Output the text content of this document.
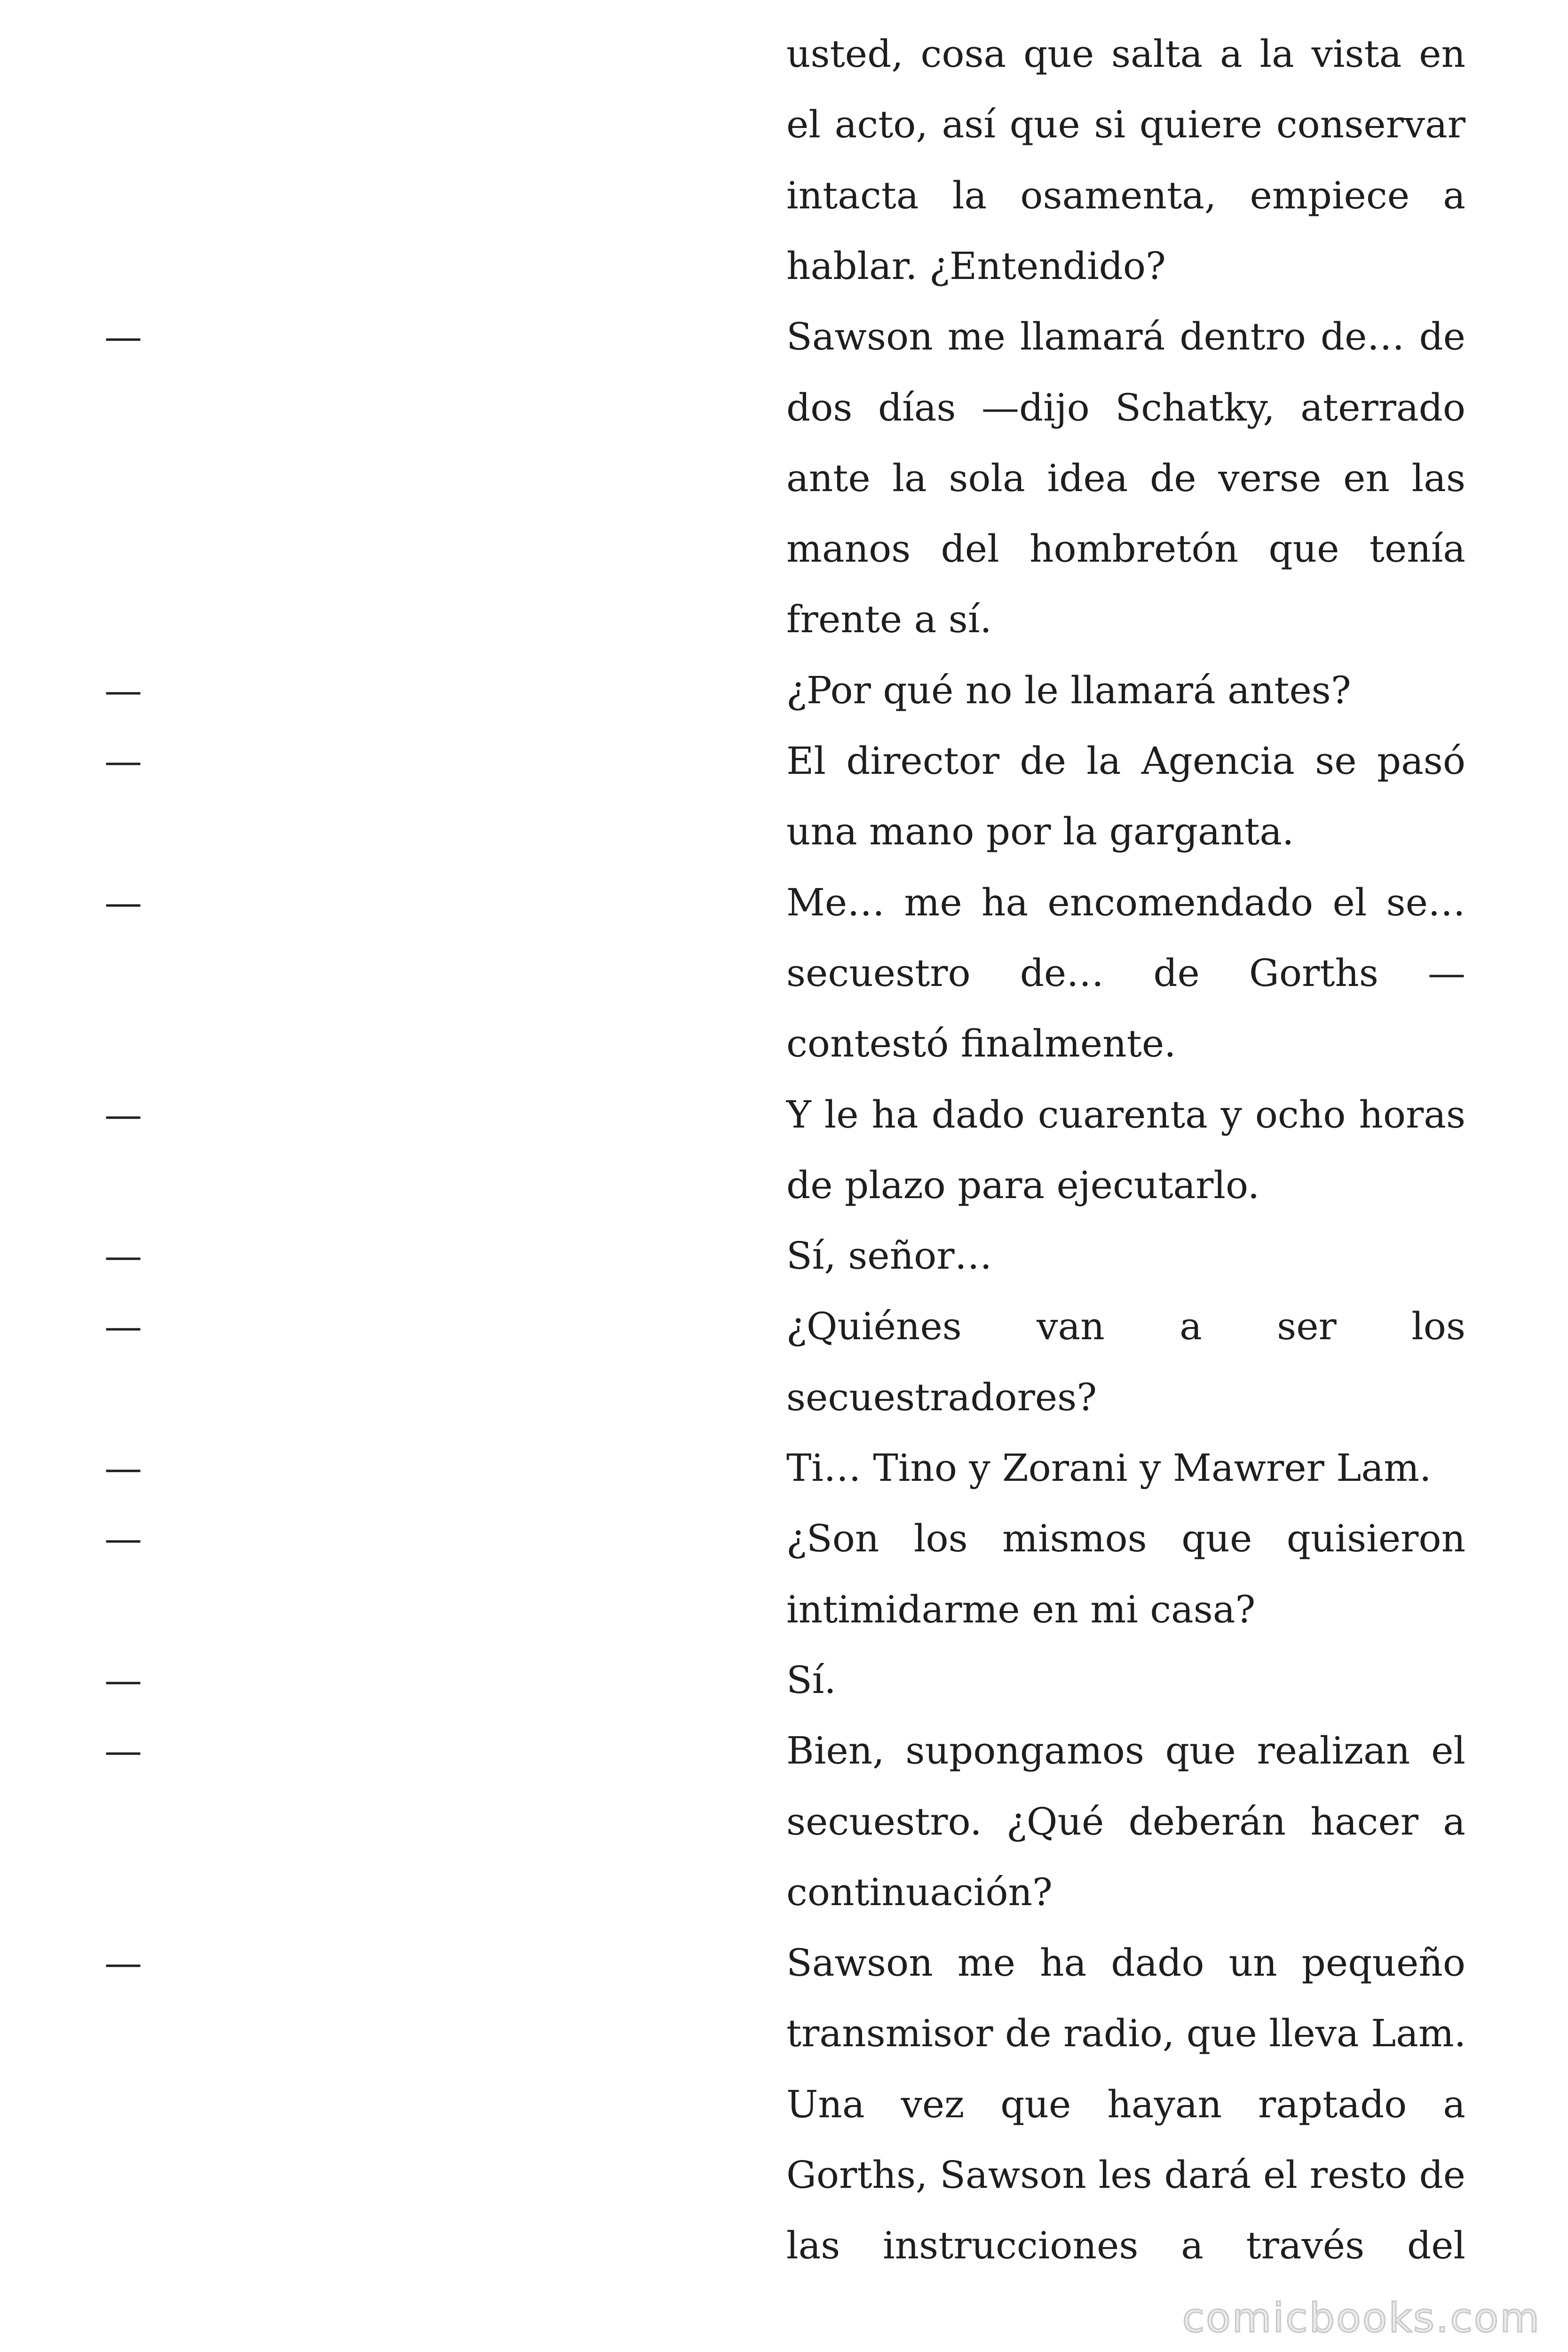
usted, cosa que salta a la vista en
el acto, así que si quiere conservar
intacta la osamenta, empiece a
hablar. ¿Entendido?
—	Sawson me llamará dentro de… de
dos días —dijo Schatky, aterrado
ante la sola idea de verse en las
manos del hombretón que tenía
frente a sí.
—	¿Por qué no le llamará antes?
—	El director de la Agencia se pasó
una mano por la garganta.
—	Me… me ha encomendado el se…
secuestro de… de Gorths —
contestó finalmente.
—	Y le ha dado cuarenta y ocho horas
de plazo para ejecutarlo.
—	Sí, señor…
—	¿Quiénes van a ser los
secuestradores?
—	Ti… Tino y Zorani y Mawrer Lam.
—	¿Son los mismos que quisieron
intimidarme en mi casa?
—	Sí.
—	Bien, supongamos que realizan el
secuestro. ¿Qué deberán hacer a
continuación?
—	Sawson me ha dado un pequeño
transmisor de radio, que lleva Lam.
Una vez que hayan raptado a
Gorths, Sawson les dará el resto de
las instrucciones a través del
comicbooks.com
